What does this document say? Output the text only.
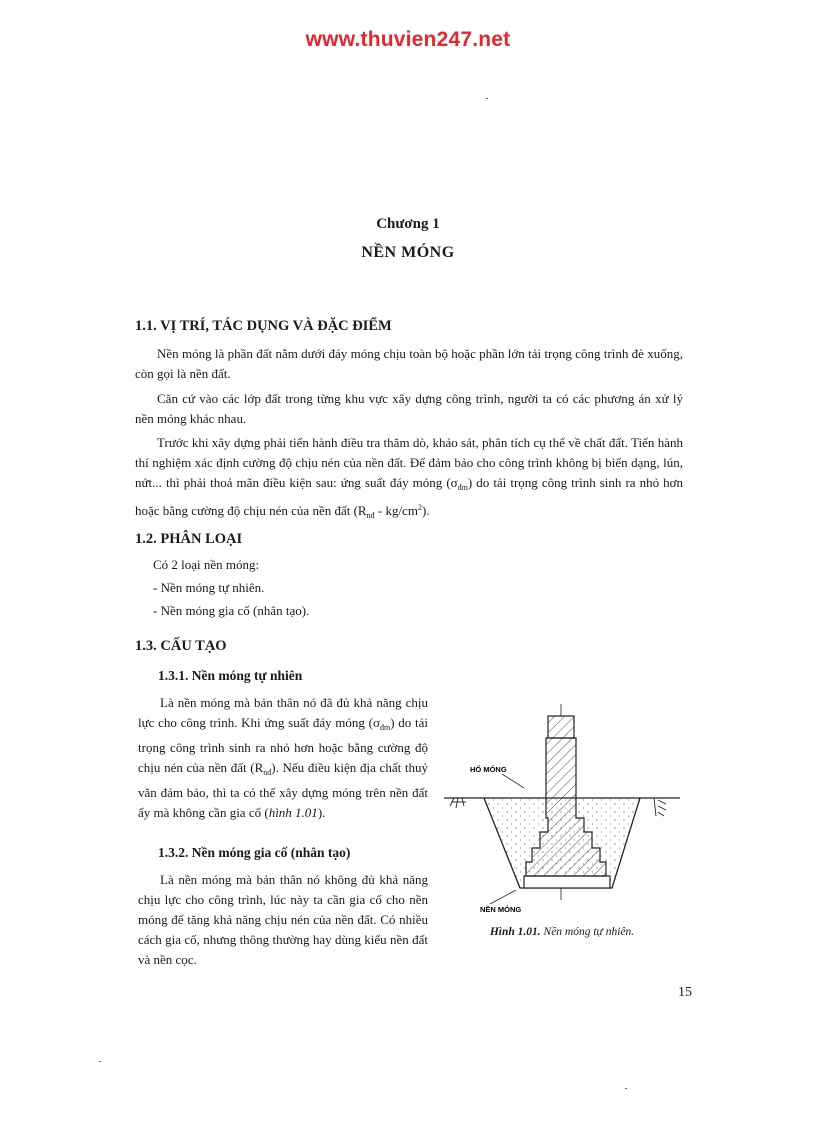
www.thuvien247.net
Chương 1
NỀN MÓNG
1.1. VỊ TRÍ, TÁC DỤNG VÀ ĐẶC ĐIỂM
Nền móng là phần đất nằm dưới đáy móng chịu toàn bộ hoặc phần lớn tải trọng công trình đè xuống, còn gọi là nền đất.
Căn cứ vào các lớp đất trong từng khu vực xây dựng công trình, người ta có các phương án xử lý nền móng khác nhau.
Trước khi xây dựng phải tiến hành điều tra thăm dò, khảo sát, phân tích cụ thể về chất đất. Tiến hành thí nghiệm xác định cường độ chịu nén của nền đất. Để đảm bảo cho công trình không bị biến dạng, lún, nứt... thì phải thoả mãn điều kiện sau: ứng suất đáy móng $(\sigma_{đm})$ do tải trọng công trình sinh ra nhỏ hơn hoặc bằng cường độ chịu nén của nền đất $(R_{nđ} - kg/cm^2)$.
1.2. PHÂN LOẠI
Có 2 loại nền móng:
- Nền móng tự nhiên.
- Nền móng gia cố (nhân tạo).
1.3. CẤU TẠO
1.3.1. Nền móng tự nhiên
Là nền móng mà bản thân nó đã đủ khả năng chịu lực cho công trình. Khi ứng suất đáy móng $(\sigma_{đm})$ do tải trọng công trình sinh ra nhỏ hơn hoặc bằng cường độ chịu nén của nền đất $(R_{nđ})$. Nếu điều kiện địa chất thuỷ văn đảm bảo, thì ta có thể xây dựng móng trên nền đất ấy mà không cần gia cố (hình 1.01).
1.3.2. Nền móng gia cố (nhân tạo)
Là nền móng mà bản thân nó không đủ khả năng chịu lực cho công trình, lúc này ta cần gia cố cho nền móng để tăng khả năng chịu nén của nền đất. Có nhiều cách gia cố, nhưng thông thường hay dùng kiểu nền đất và nền cọc.
HỐ MÓNG
NỀN MÓNG
Hình 1.01. Nền móng tự nhiên.
15
